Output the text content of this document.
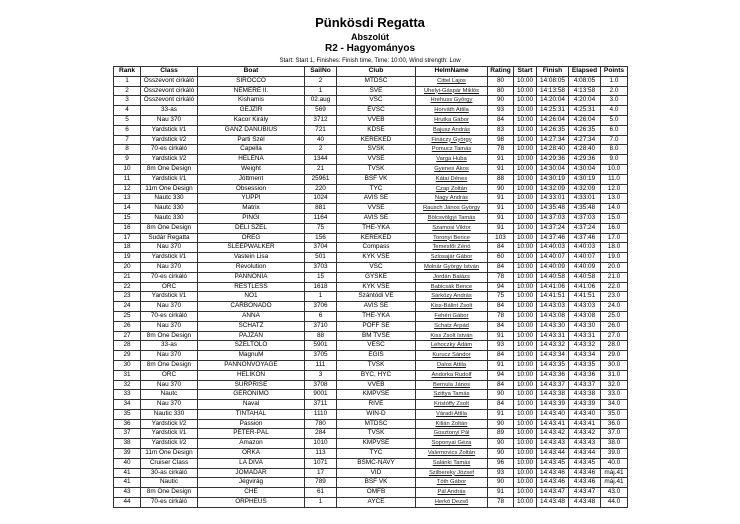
Pünkösdi Regatta
Abszolút
R2 - Hagyományos
Start: Start 1, Finishes: Finish time, Time: 10:00, Wind strength: Low
Rank	Class	Boat	SailNo	Club	HelmName	Rating	Start	Finish	Elapsed	Points
1	Összevont cirkáló	SIROCCO	2	MTDSC	Cittel Lajos	80	10:00	14:08:05	4:08:05	1.0
2	Összevont cirkáló	NEMERE II.	1	SVE	Uhelyi-Gáspár Miklós	80	10:00	14:13:58	4:13:58	2.0
3	Összevont cirkáló	Kishamis	02.aug	VSC	Hrehuss György	90	10:00	14:20:04	4:20:04	3.0
4	33-as	GEJZÍR	569	ÉVSC	Horváth Attila	93	10:00	14:25:31	4:25:31	4.0
5	Nau 370	Kacor Király	3712	VVEB	Hrutka Gábor	84	10:00	14:26:04	4:26:04	5.0
6	Yardstick I/1	GANZ DANUBIUS	721	KDSE	Bajusz András	83	10:00	14:26:35	4:26:35	6.0
7	Yardstick I/2	Parti Szél	40	KEREKED	Fináczy György	98	10:00	14:27:34	4:27:34	7.0
8	70-es cirkáló	Capella	2	SVSK	Pomucz Tamás	78	10:00	14:28:40	4:28:40	8.0
9	Yardstick I/2	HELÉNA	1344	VVSE	Varga Huba	91	10:00	14:29:36	4:29:36	9.0
10	8m One Design	Weight	21	TVSK	Gyenes Ákos	91	10:00	14:30:04	4:30:04	10.0
11	Yardstick I/1	Jóttment	25961	BSF VK	Kátai Dénes	88	10:00	14:30:19	4:30:19	11.0
12	11m One Design	Obsession	220	TYC	Czap Zoltán	90	10:00	14:32:09	4:32:09	12.0
13	Nautc 330	YUPPI	1024	AVIS SE	Nagy András	91	10:00	14:33:01	4:33:01	13.0
14	Nautc 330	Matrix	881	VVSE	Rausch János György	91	10:00	14:35:48	4:35:48	14.0
15	Nautc 330	PINGI	1164	AVIS SE	Bölcsvölgyi Tamás	91	10:00	14:37:03	4:37:03	15.0
16	8m One Design	DÉLI SZÉL	75	THE-YKA	Szamosi Viktor	91	10:00	14:37:24	4:37:24	16.0
17	Sudár Regatta	ÖREG	156	KEREKED	Toronyi Bence	103	10:00	14:37:46	4:37:46	17.0
18	Nau 370	SLEEPWALKER	3704	Compass	Temesfői Zénó	84	10:00	14:40:03	4:40:03	18.0
19	Yardstick I/1	Vastein Lisa	501	KYK VSE	Szlosajár Gábor	60	10:00	14:40:07	4:40:07	19.0
20	Nau 370	Revolution	3703	VSC	Molnár György István	84	10:00	14:40:09	4:40:09	20.0
21	70-es cirkáló	PANNÓNIA	15	GYSKE	Jordán Balázs	78	10:00	14:40:58	4:40:58	21.0
22	ORC	RESTLESS	1618	KYK VSE	Babicsák Bence	94	10:00	14:41:06	4:41:06	22.0
23	Yardstick I/1	NO1	1	Szántódi VE	Sárközy András	75	10:00	14:41:51	4:41:51	23.0
24	Nau 370	CARBONADO	3706	AVIS SE	Kiss-Bálint Zsolt	84	10:00	14:43:03	4:43:03	24.0
25	70-es cirkáló	ANNA	6	THE-YKA	Fehéri Gábor	78	10:00	14:43:08	4:43:08	25.0
26	Nau 370	SCHATZ	3710	PÖFF SE	Schatz Árpád	84	10:00	14:43:30	4:43:30	26.0
27	8m One Design	PAJZÁN	88	BM TVSE	Kiss Zsolt István	91	10:00	14:43:31	4:43:31	27.0
28	33-as	SZÉLTOLÓ	5901	VESC	Lehoczky Ádám	93	10:00	14:43:32	4:43:32	28.0
29	Nau 370	MagnuM	3705	EGIS	Kurucz Sándor	84	10:00	14:43:34	4:43:34	29.0
30	8m One Design	PANNONVOYAGE	111	TVSK	Dalos Attila	91	10:00	14:43:35	4:43:35	30.0
31	ORC	HELIKON	3	BYC, HYC	Andorka Rudolf	94	10:00	14:43:36	4:43:36	31.0
32	Nau 370	SURPRISE	3708	VVEB	Bernula János	84	10:00	14:43:37	4:43:37	32.0
33	Nautc	GERONIMO	9001	KMPVSE	Szittya Tamás	90	10:00	14:43:38	4:43:38	33.0
34	Nau 370	Naval	3711	RIVE	Kristóffy Zsolt	84	10:00	14:43:39	4:43:39	34.0
35	Nautic 330	TINTAHAL	1110	WIN-D	Váradi Attila	91	10:00	14:43:40	4:43:40	35.0
36	Yardstick I/2	Passion	780	MTDSC	Kilián Zoltán	90	10:00	14:43:41	4:43:41	36.0
37	Yardstick I/1	PÉTER-PÁL	284	TVSK	Gosztonyi Pál	89	10:00	14:43:42	4:43:42	37.0
38	Yardstick I/2	Amazon	1010	KMPVSE	Soponyai Géza	90	10:00	14:43:43	4:43:43	38.0
39	11m One Design	ORKA	113	TYC	Valernovics Zoltán	90	10:00	14:43:44	4:43:44	39.0
40	Cruiser Class	LA DIVA	1071	BSMC-NAVY	Salánki Tamás	96	10:00	14:43:45	4:43:45	40.0
41	30-as cirkáló	JÓMADÁR	17	VID	Szilberekу József	93	10:00	14:43:46	4:43:46	máj.41
41	Nautic	Jégvirág	789	BSF VK	Tóth Gábor	90	10:00	14:43:46	4:43:46	máj.41
43	8m One Design	CHE	61	OMFB	Pál András	91	10:00	14:43:47	4:43:47	43.0
44	70-es cirkáló	ORPHEUS	1	AYCE	Herkó Dezső	78	10:00	14:43:48	4:43:48	44.0
